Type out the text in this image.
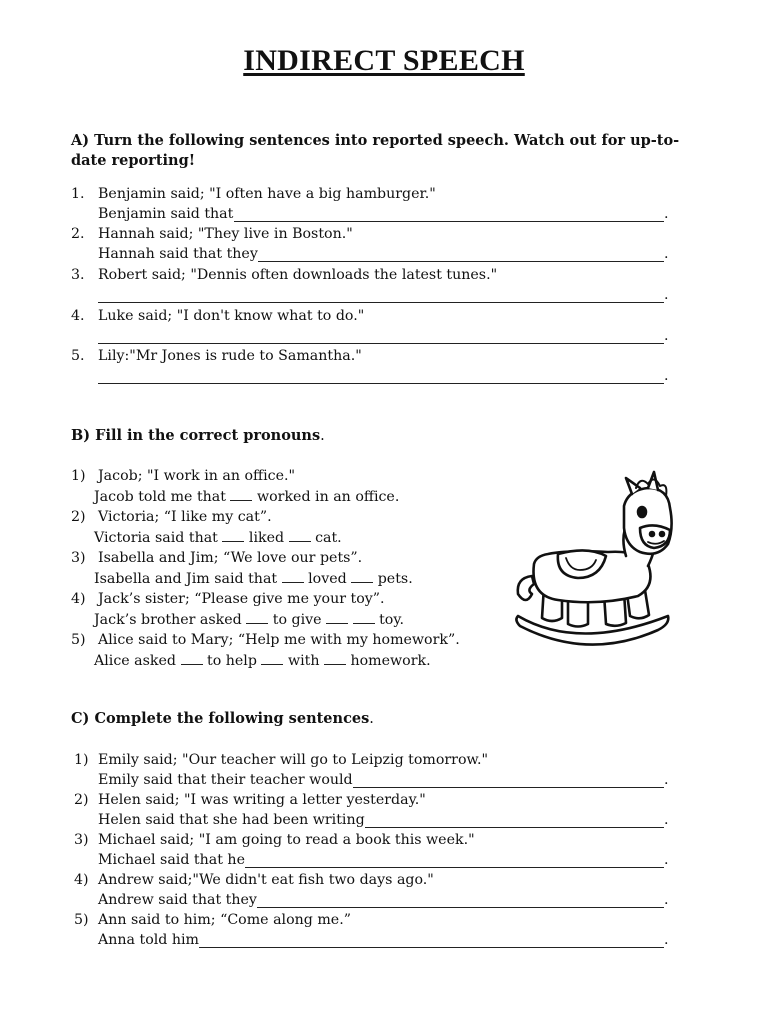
INDIRECT SPEECH
A) Turn the following sentences into reported speech. Watch out for up-to-
date reporting!
B) Fill in the correct pronouns.
C) Complete the following sentences.
1. Benjamin said; "I often have a big hamburger."
Benjamin said that	.
2. Hannah said; "They live in Boston."
Hannah said that they	.
3. Robert said; "Dennis often downloads the latest tunes."
.
4. Luke said; "I don't know what to do."
.
5. Lily:"Mr Jones is rude to Samantha."
.
1) Jacob; "I work in an office."
Jacob told me that  worked in an office.
2) Victoria; “I like my cat”.
Victoria said that  liked  cat.
3) Isabella and Jim; “We love our pets”.
Isabella and Jim said that  loved  pets.
4) Jack’s sister; “Please give me your toy”.
Jack’s brother asked  to give	toy.
5) Alice said to Mary; “Help me with my homework”.
Alice asked  to help  with  homework.
1) Emily said; "Our teacher will go to Leipzig tomorrow."
Emily said that their teacher would	.
2) Helen said; "I was writing a letter yesterday."
Helen said that she had been writing	.
3) Michael said; "I am going to read a book this week."
Michael said that he	.
4) Andrew said;"We didn't eat fish two days ago."
Andrew said that they	.
5) Ann said to him; “Come along me.”
Anna told him	.
